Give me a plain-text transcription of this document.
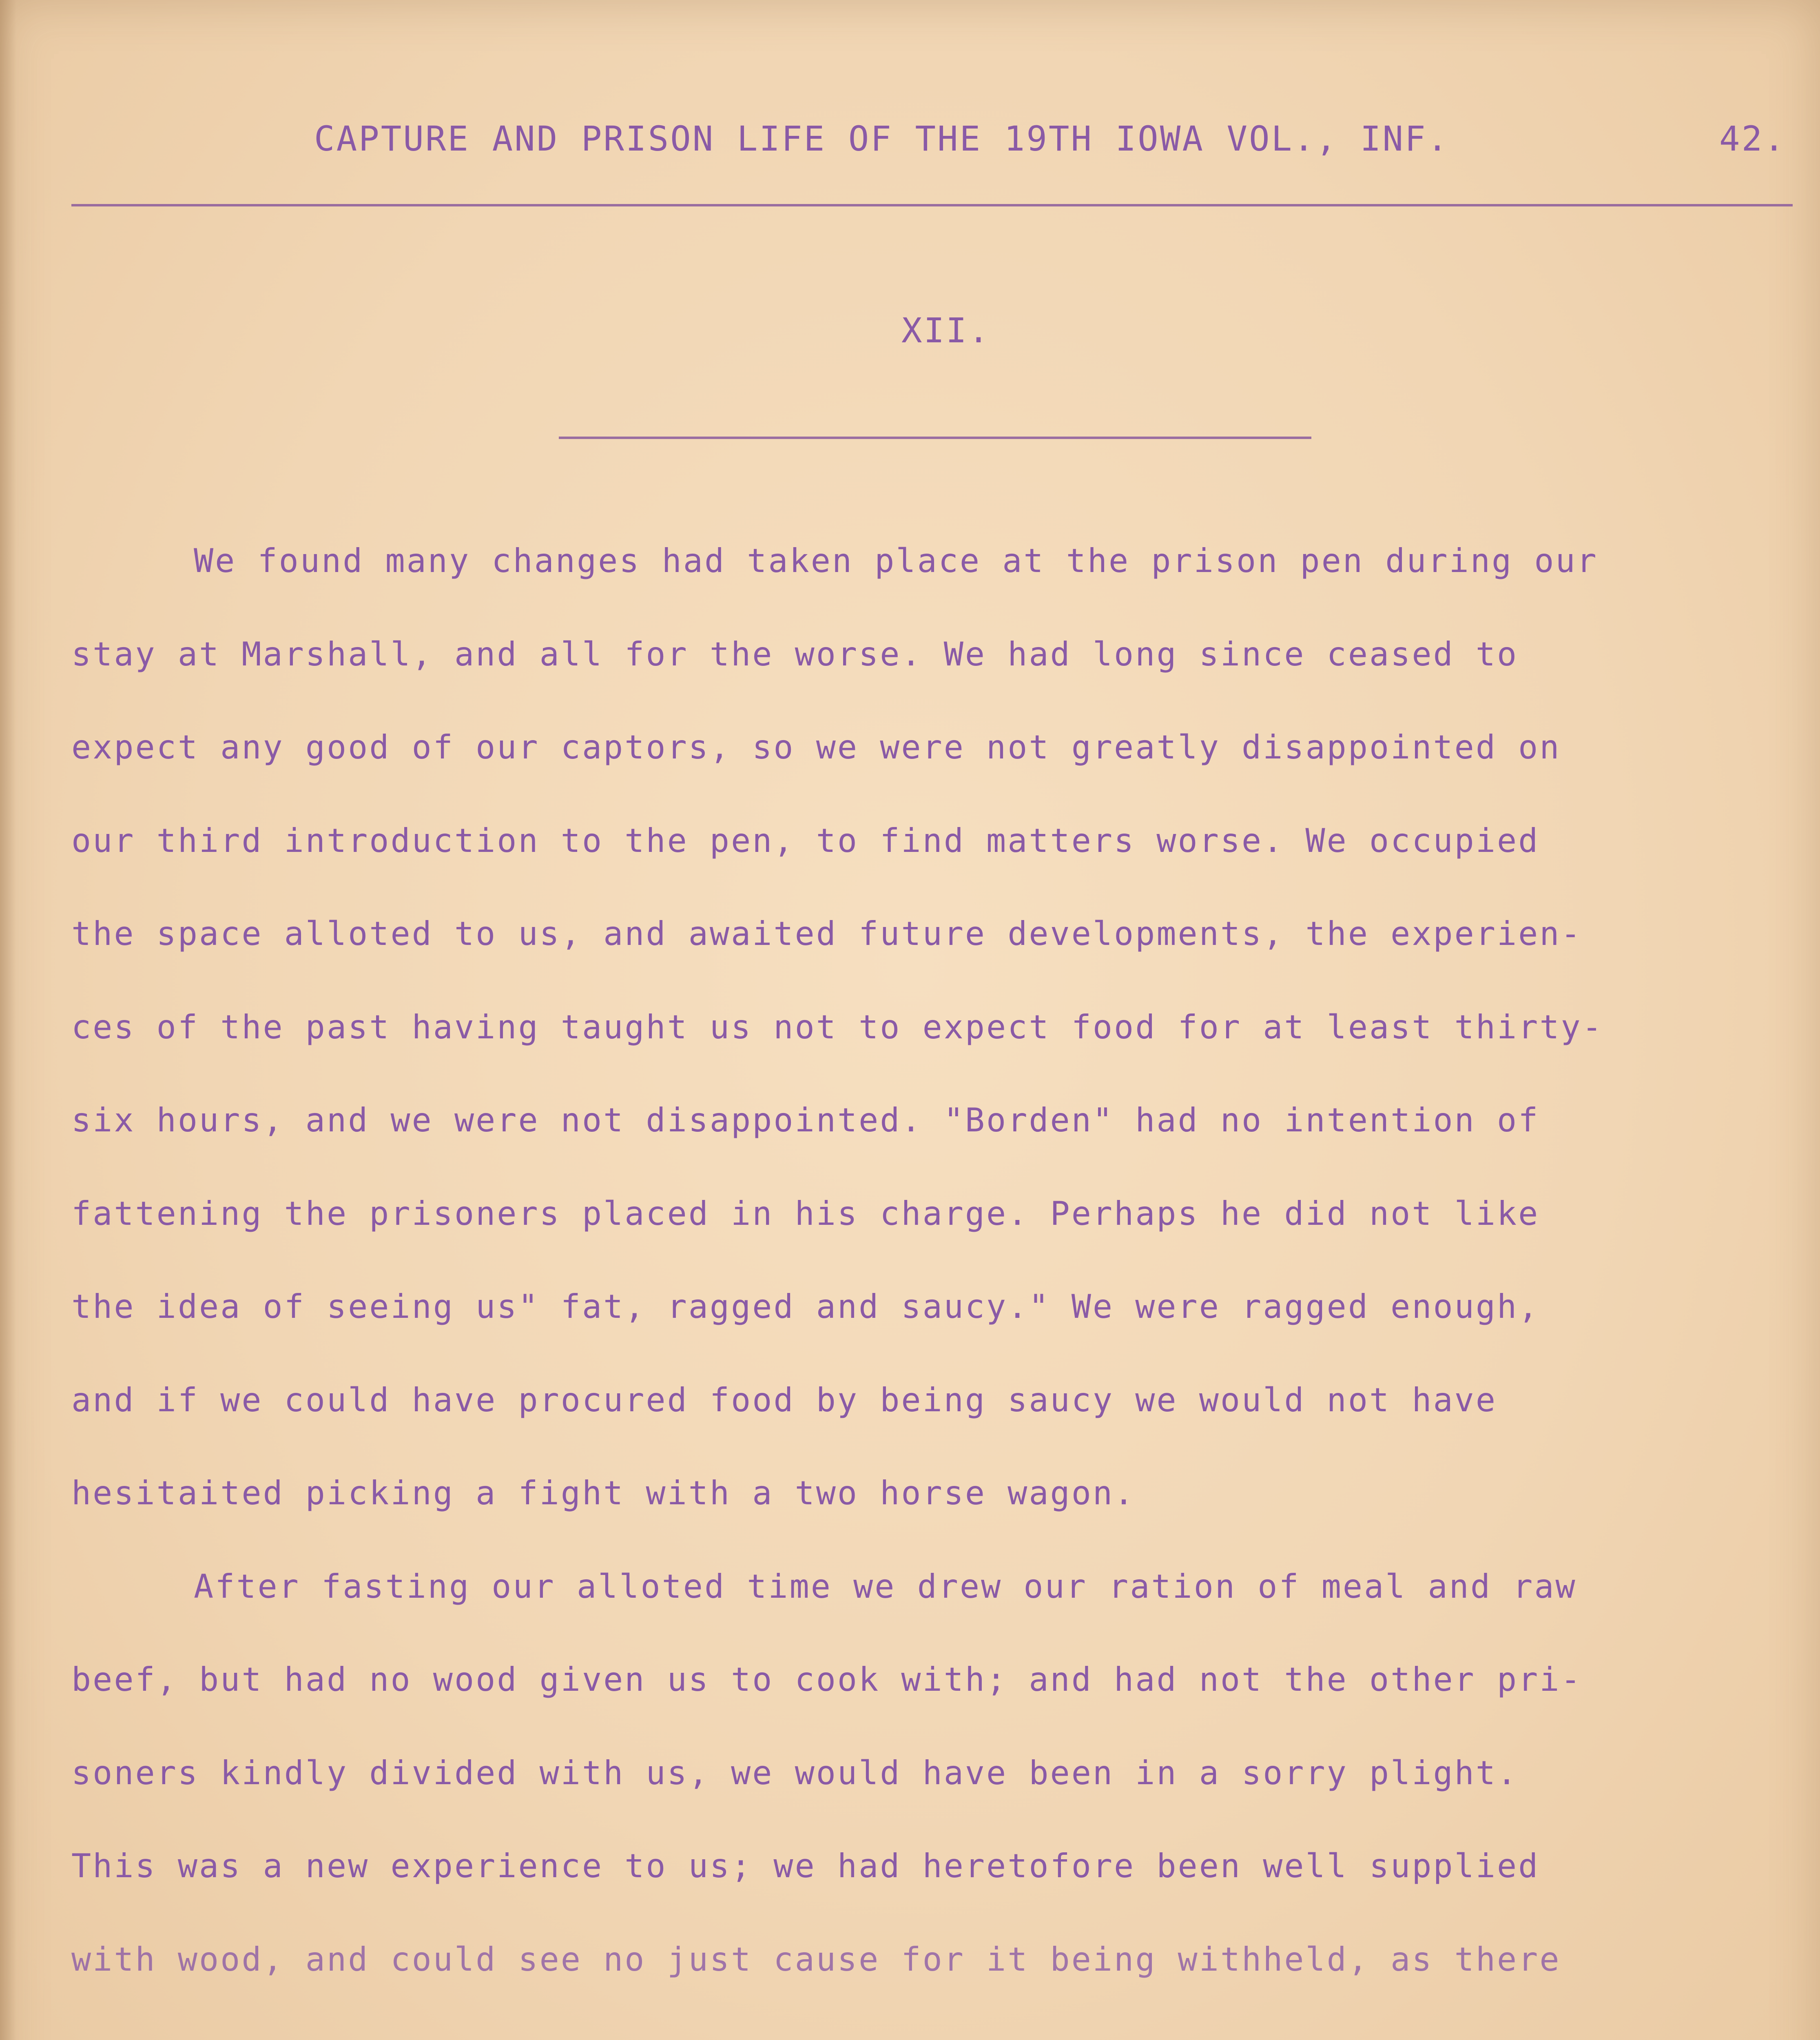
CAPTURE AND PRISON LIFE OF THE 19TH IOWA VOL., INF.	42.
XII.
We found many changes had taken place at the prison pen during our
stay at Marshall, and all for the worse. We had long since ceased to
expect any good of our captors, so we were not greatly disappointed on
our third introduction to the pen, to find matters worse. We occupied
the space alloted to us, and awaited future developments, the experien-
ces of the past having taught us not to expect food for at least thirty-
six hours, and we were not disappointed. "Borden" had no intention of
fattening the prisoners placed in his charge. Perhaps he did not like
the idea of seeing us" fat, ragged and saucy." We were ragged enough,
and if we could have procured food by being saucy we would not have
hesitaited picking a fight with a two horse wagon.
After fasting our alloted time we drew our ration of meal and raw
beef, but had no wood given us to cook with; and had not the other pri-
soners kindly divided with us, we would have been in a sorry plight.
This was a new experience to us; we had heretofore been well supplied
with wood, and could see no just cause for it being withheld, as there
